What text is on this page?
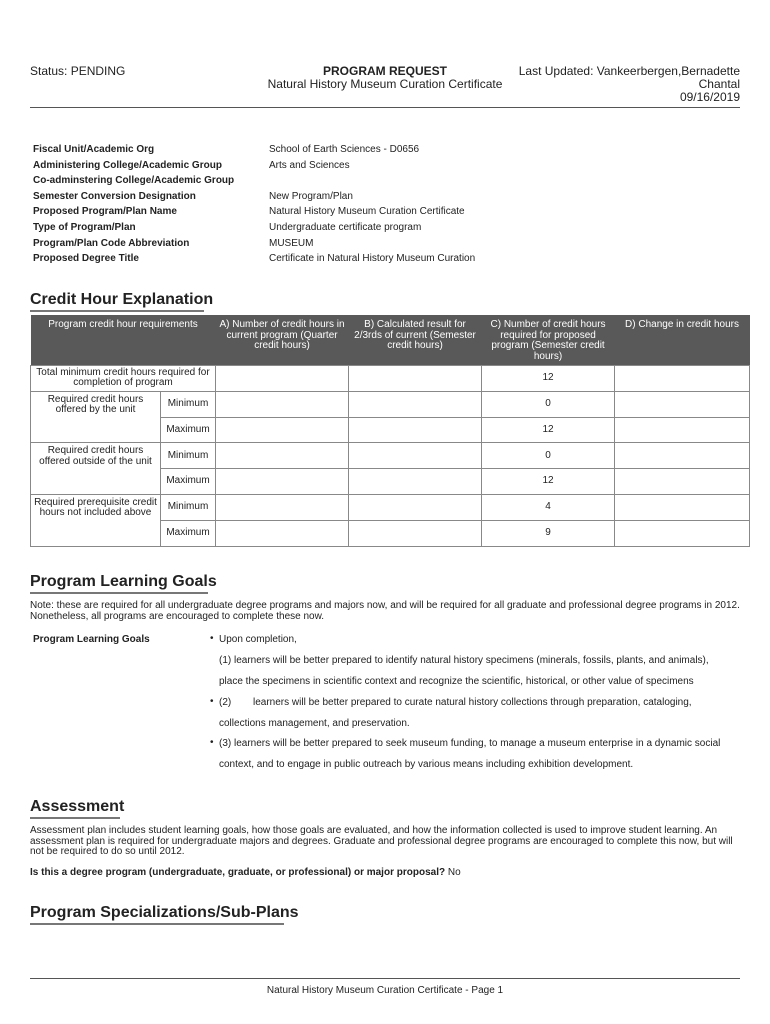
Status: PENDING	PROGRAM REQUEST
Natural History Museum Curation Certificate
Last Updated: Vankeerbergen,Bernadette
Chantal
09/16/2019
Fiscal Unit/Academic Org	School of Earth Sciences - D0656
Administering College/Academic Group	Arts and Sciences
Co-adminstering College/Academic Group
Semester Conversion Designation	New Program/Plan
Proposed Program/Plan Name	Natural History Museum Curation Certificate
Type of Program/Plan	Undergraduate certificate program
Program/Plan Code Abbreviation	MUSEUM
Proposed Degree Title	Certificate in Natural History Museum Curation
Credit Hour Explanation
Program credit hour requirements		A) Number of credit hours in current program (Quarter credit hours)	B) Calculated result for 2/3rds of current (Semester credit hours)	C) Number of credit hours required for proposed program (Semester credit hours)	D) Change in credit hours
Total minimum credit hours required for completion of program				12	
Required credit hours offered by the unit	Minimum			0	
	Maximum			12	
Required credit hours offered outside of the unit	Minimum			0	
	Maximum			12	
Required prerequisite credit hours not included above	Minimum			4	
	Maximum			9	
Program Learning Goals
Note: these are required for all undergraduate degree programs and majors now, and will be required for all graduate and professional degree programs in 2012. Nonetheless, all programs are encouraged to complete these now.
Program Learning Goals	• Upon completion,
(1) learners will be better prepared to identify natural history specimens (minerals, fossils, plants, and animals),
place the specimens in scientific context and recognize the scientific, historical, or other value of specimens
• (2) learners will be better prepared to curate natural history collections through preparation, cataloging,
collections management, and preservation.
• (3) learners will be better prepared to seek museum funding, to manage a museum enterprise in a dynamic social
context, and to engage in public outreach by various means including exhibition development.
Assessment
Assessment plan includes student learning goals, how those goals are evaluated, and how the information collected is used to improve student learning. An assessment plan is required for undergraduate majors and degrees. Graduate and professional degree programs are encouraged to complete this now, but will not be required to do so until 2012.
Is this a degree program (undergraduate, graduate, or professional) or major proposal? No
Program Specializations/Sub-Plans
Natural History Museum Curation Certificate - Page 1
